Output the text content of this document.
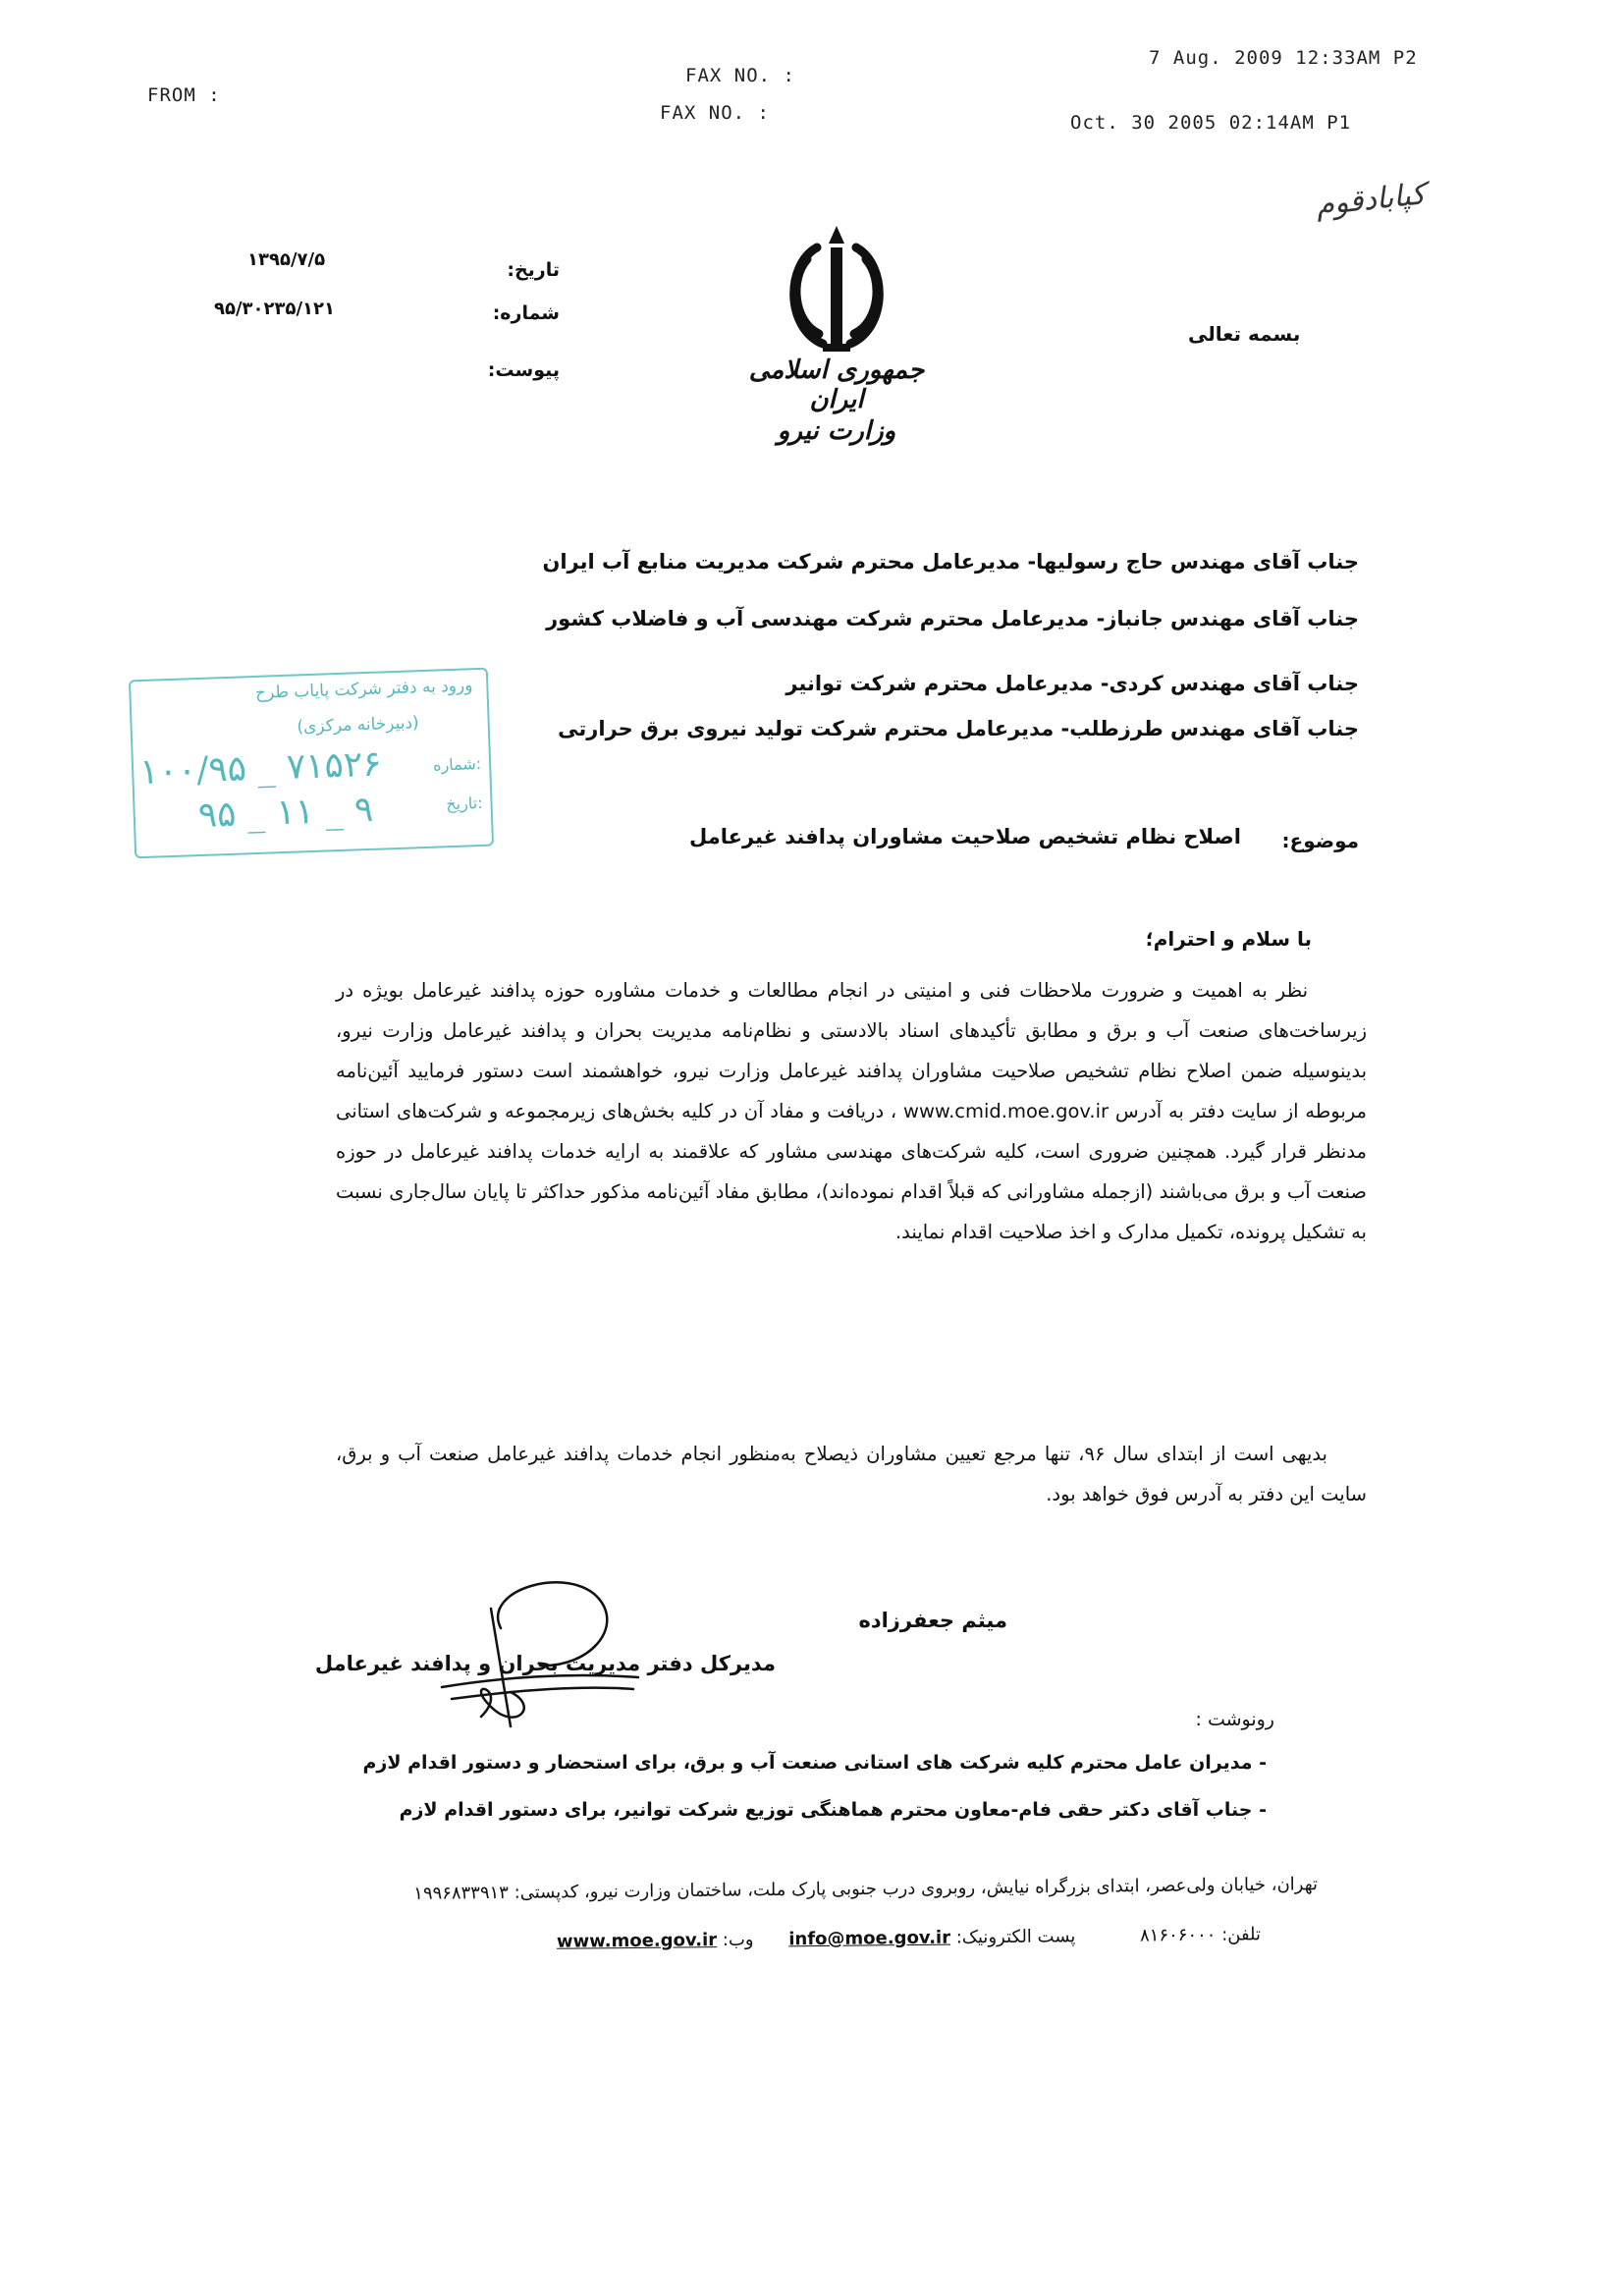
FROM :
FAX NO. :
FAX NO. :
7 Aug. 2009 12:33AM P2
Oct. 30 2005 02:14AM P1
کپابادقوم
بسمه تعالی
جمهوری اسلامی ایران
وزارت نیرو
تاریخ:
شماره:
پیوست:
۱۳۹۵/۷/۵
۹۵/۳۰۲۳۵/۱۲۱
جناب آقای مهندس حاج رسولیها- مدیرعامل محترم شرکت مدیریت منابع آب ایران
جناب آقای مهندس جانباز- مدیرعامل محترم شرکت مهندسی آب و فاضلاب کشور
جناب آقای مهندس کردی- مدیرعامل محترم شرکت توانیر
جناب آقای مهندس طرزطلب- مدیرعامل محترم شرکت تولید نیروی برق حرارتی
ورود به دفتر شرکت پایاب طرح
(دبیرخانه مرکزی)
شماره:
تاریخ:
۱۰۰/۹۵ _ ۷۱۵۲۶
۹۵ _ ۱۱ _ ۹
موضوع:
اصلاح نظام تشخیص صلاحیت مشاوران پدافند غیرعامل
با سلام و احترام؛
نظر به اهمیت و ضرورت ملاحظات فنی و امنیتی در انجام مطالعات و خدمات مشاوره حوزه پدافند غیرعامل بویژه در زیرساخت‌های صنعت آب و برق و مطابق تأکیدهای اسناد بالادستی و نظام‌نامه مدیریت بحران و پدافند غیرعامل وزارت نیرو، بدینوسیله ضمن اصلاح نظام تشخیص صلاحیت مشاوران پدافند غیرعامل وزارت نیرو، خواهشمند است دستور فرمایید آئین‌نامه مربوطه از سایت دفتر به آدرس www.cmid.moe.gov.ir ، دریافت و مفاد آن در کلیه بخش‌های زیرمجموعه و شرکت‌های استانی مدنظر قرار گیرد. همچنین ضروری است، کلیه شرکت‌های مهندسی مشاور که علاقمند به ارایه خدمات پدافند غیرعامل در حوزه صنعت آب و برق می‌باشند (ازجمله مشاورانی که قبلاً اقدام نموده‌اند)، مطابق مفاد آئین‌نامه مذکور حداکثر تا پایان سال‌جاری نسبت به تشکیل پرونده، تکمیل مدارک و اخذ صلاحیت اقدام نمایند.
بدیهی است از ابتدای سال ۹۶، تنها مرجع تعیین مشاوران ذیصلاح به‌منظور انجام خدمات پدافند غیرعامل صنعت آب و برق، سایت این دفتر به آدرس فوق خواهد بود.
میثم جعفرزاده
مدیرکل دفتر مدیریت بحران و پدافند غیرعامل
رونوشت :
- مدیران عامل محترم کلیه شرکت های استانی صنعت آب و برق، برای استحضار و دستور اقدام لازم
- جناب آقای دکتر حقی فام-معاون محترم هماهنگی توزیع شرکت توانیر، برای دستور اقدام لازم
تهران، خیابان ولی‌عصر، ابتدای بزرگراه نیایش، روبروی درب جنوبی پارک ملت، ساختمان وزارت نیرو، کدپستی: ۱۹۹۶۸۳۳۹۱۳
تلفن: ۸۱۶۰۶۰۰۰ پست الکترونیک: info@moe.gov.ir وب: www.moe.gov.ir
